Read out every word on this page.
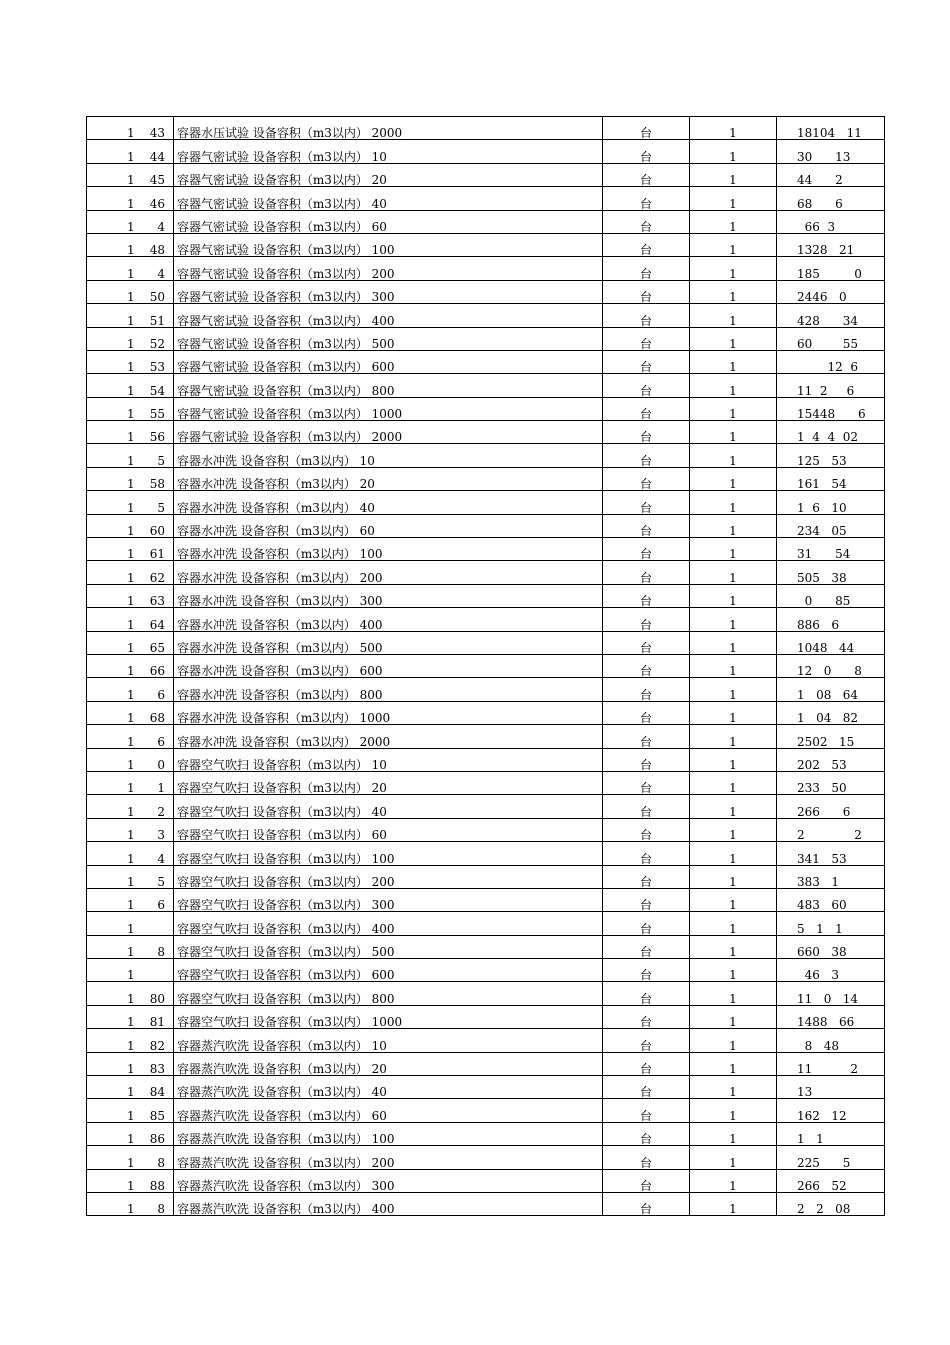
1 43	容器水压试验 设备容积（m3以内） 2000	台	1	18104   11

1 44	容器气密试验 设备容积（m3以内） 10	台	1	30      13

1 45	容器气密试验 设备容积（m3以内） 20	台	1	44      2

1 46	容器气密试验 设备容积（m3以内） 40	台	1	68      6

1 4	容器气密试验 设备容积（m3以内） 60	台	1	66  3

1 48	容器气密试验 设备容积（m3以内） 100	台	1	1328   21

1 4	容器气密试验 设备容积（m3以内） 200	台	1	185         0

1 50	容器气密试验 设备容积（m3以内） 300	台	1	2446   0

1 51	容器气密试验 设备容积（m3以内） 400	台	1	428      34

1 52	容器气密试验 设备容积（m3以内） 500	台	1	60        55

1 53	容器气密试验 设备容积（m3以内） 600	台	1	12  6

1 54	容器气密试验 设备容积（m3以内） 800	台	1	11  2     6

1 55	容器气密试验 设备容积（m3以内） 1000	台	1	15448      6

1 56	容器气密试验 设备容积（m3以内） 2000	台	1	1  4  4  02

1 5	容器水冲洗 设备容积（m3以内） 10	台	1	125   53

1 58	容器水冲洗 设备容积（m3以内） 20	台	1	161   54

1 5	容器水冲洗 设备容积（m3以内） 40	台	1	1  6   10

1 60	容器水冲洗 设备容积（m3以内） 60	台	1	234   05

1 61	容器水冲洗 设备容积（m3以内） 100	台	1	31      54

1 62	容器水冲洗 设备容积（m3以内） 200	台	1	505   38

1 63	容器水冲洗 设备容积（m3以内） 300	台	1	0      85

1 64	容器水冲洗 设备容积（m3以内） 400	台	1	886   6

1 65	容器水冲洗 设备容积（m3以内） 500	台	1	1048   44

1 66	容器水冲洗 设备容积（m3以内） 600	台	1	12   0      8

1 6	容器水冲洗 设备容积（m3以内） 800	台	1	1   08   64

1 68	容器水冲洗 设备容积（m3以内） 1000	台	1	1   04   82

1 6	容器水冲洗 设备容积（m3以内） 2000	台	1	2502   15

1 0	容器空气吹扫 设备容积（m3以内） 10	台	1	202   53

1 1	容器空气吹扫 设备容积（m3以内） 20	台	1	233   50

1 2	容器空气吹扫 设备容积（m3以内） 40	台	1	266      6

1 3	容器空气吹扫 设备容积（m3以内） 60	台	1	2             2

1 4	容器空气吹扫 设备容积（m3以内） 100	台	1	341   53

1 5	容器空气吹扫 设备容积（m3以内） 200	台	1	383   1

1 6	容器空气吹扫 设备容积（m3以内） 300	台	1	483   60

1	容器空气吹扫 设备容积（m3以内） 400	台	1	5   1   1

1 8	容器空气吹扫 设备容积（m3以内） 500	台	1	660   38

1	容器空气吹扫 设备容积（m3以内） 600	台	1	46   3

1 80	容器空气吹扫 设备容积（m3以内） 800	台	1	11   0   14

1 81	容器空气吹扫 设备容积（m3以内） 1000	台	1	1488   66

1 82	容器蒸汽吹洗 设备容积（m3以内） 10	台	1	8   48

1 83	容器蒸汽吹洗 设备容积（m3以内） 20	台	1	11          2

1 84	容器蒸汽吹洗 设备容积（m3以内） 40	台	1	13

1 85	容器蒸汽吹洗 设备容积（m3以内） 60	台	1	162   12

1 86	容器蒸汽吹洗 设备容积（m3以内） 100	台	1	1   1

1 8	容器蒸汽吹洗 设备容积（m3以内） 200	台	1	225      5

1 88	容器蒸汽吹洗 设备容积（m3以内） 300	台	1	266   52

1 8	容器蒸汽吹洗 设备容积（m3以内） 400	台	1	2   2   08
